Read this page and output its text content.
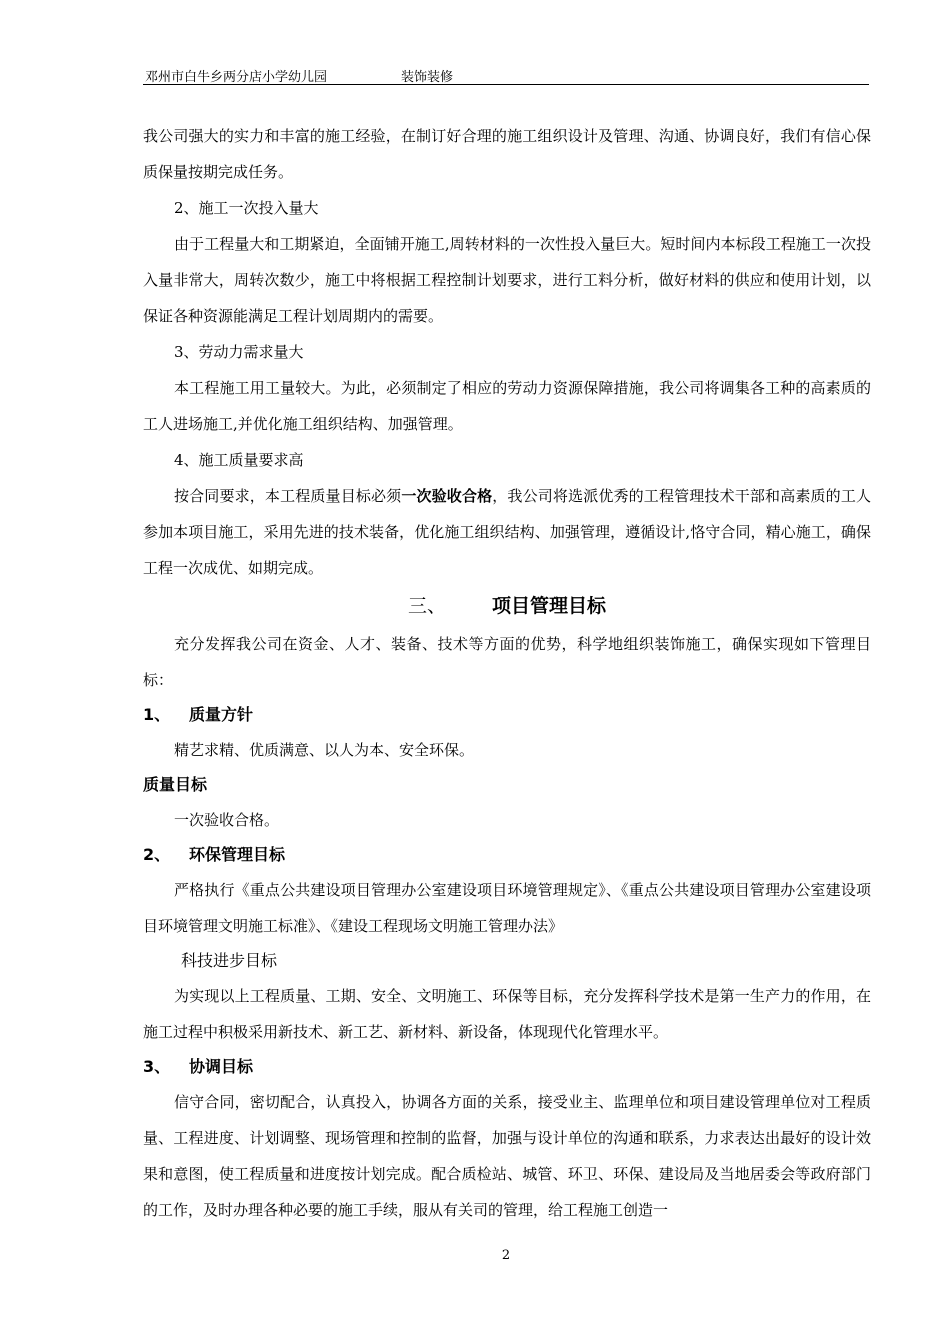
邓州市白牛乡两分店小学幼儿园	装饰装修

我公司强大的实力和丰富的施工经验，在制订好合理的施工组织设计及管理、沟通、协调良好，我们有信心保质保量按期完成任务。

2、施工一次投入量大

由于工程量大和工期紧迫，全面铺开施工,周转材料的一次性投入量巨大。短时间内本标段工程施工一次投入量非常大，周转次数少，施工中将根据工程控制计划要求，进行工料分析，做好材料的供应和使用计划，以保证各种资源能满足工程计划周期内的需要。

3、劳动力需求量大

本工程施工用工量较大。为此，必须制定了相应的劳动力资源保障措施，我公司将调集各工种的高素质的工人进场施工,并优化施工组织结构、加强管理。

4、施工质量要求高

按合同要求，本工程质量目标必须一次验收合格，我公司将选派优秀的工程管理技术干部和高素质的工人参加本项目施工，采用先进的技术装备，优化施工组织结构、加强管理，遵循设计,恪守合同，精心施工，确保工程一次成优、如期完成。

三、 项目管理目标

充分发挥我公司在资金、人才、装备、技术等方面的优势，科学地组织装饰施工，确保实现如下管理目标：

1、 质量方针

精艺求精、优质满意、以人为本、安全环保。

质量目标

一次验收合格。

2、 环保管理目标

严格执行《重点公共建设项目管理办公室建设项目环境管理规定》、《重点公共建设项目管理办公室建设项目环境管理文明施工标准》、《建设工程现场文明施工管理办法》

科技进步目标

为实现以上工程质量、工期、安全、文明施工、环保等目标，充分发挥科学技术是第一生产力的作用，在施工过程中积极采用新技术、新工艺、新材料、新设备，体现现代化管理水平。

3、 协调目标

信守合同，密切配合，认真投入，协调各方面的关系，接受业主、监理单位和项目建设管理单位对工程质量、工程进度、计划调整、现场管理和控制的监督，加强与设计单位的沟通和联系，力求表达出最好的设计效果和意图，使工程质量和进度按计划完成。配合质检站、城管、环卫、环保、建设局及当地居委会等政府部门的工作，及时办理各种必要的施工手续，服从有关司的管理，给工程施工创造一

2
